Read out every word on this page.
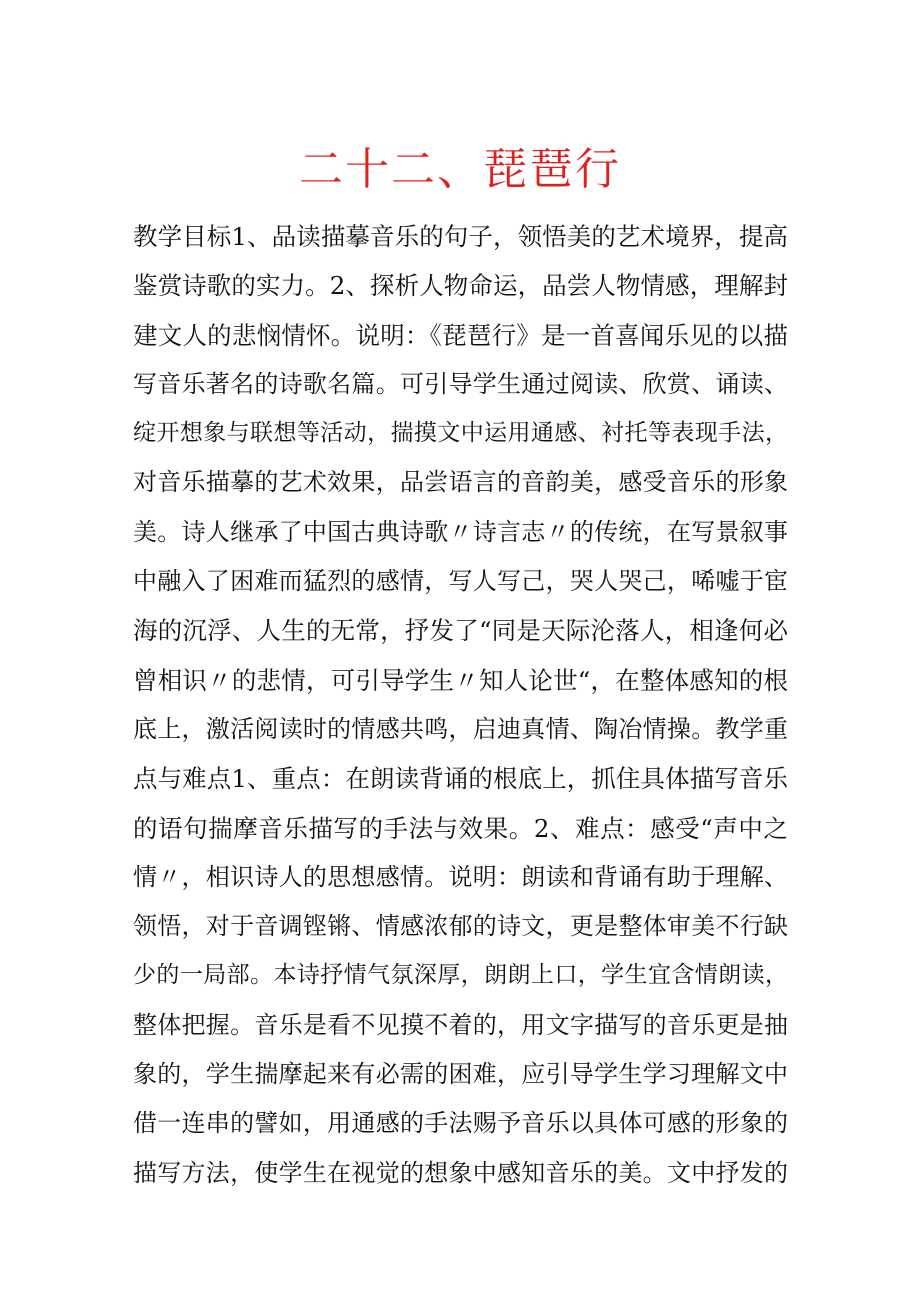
二十二、琵琶行
教学目标1、品读描摹音乐的句子，领悟美的艺术境界，提高
鉴赏诗歌的实力。2、探析人物命运，品尝人物情感，理解封
建文人的悲悯情怀。说明：《琵琶行》是一首喜闻乐见的以描
写音乐著名的诗歌名篇。可引导学生通过阅读、欣赏、诵读、
绽开想象与联想等活动，揣摸文中运用通感、衬托等表现手法，
对音乐描摹的艺术效果，品尝语言的音韵美，感受音乐的形象
美。诗人继承了中国古典诗歌〃诗言志〃的传统，在写景叙事
中融入了困难而猛烈的感情，写人写己，哭人哭己，唏嘘于宦
海的沉浮、人生的无常，抒发了“同是天际沦落人，相逢何必
曾相识〃的悲情，可引导学生〃知人论世“，在整体感知的根
底上，激活阅读时的情感共鸣，启迪真情、陶冶情操。教学重
点与难点1、重点：在朗读背诵的根底上，抓住具体描写音乐
的语句揣摩音乐描写的手法与效果。2、难点：感受“声中之
情〃，相识诗人的思想感情。说明：朗读和背诵有助于理解、
领悟，对于音调铿锵、情感浓郁的诗文，更是整体审美不行缺
少的一局部。本诗抒情气氛深厚，朗朗上口，学生宜含情朗读，
整体把握。音乐是看不见摸不着的，用文字描写的音乐更是抽
象的，学生揣摩起来有必需的困难，应引导学生学习理解文中
借一连串的譬如，用通感的手法赐予音乐以具体可感的形象的
描写方法，使学生在视觉的想象中感知音乐的美。文中抒发的
